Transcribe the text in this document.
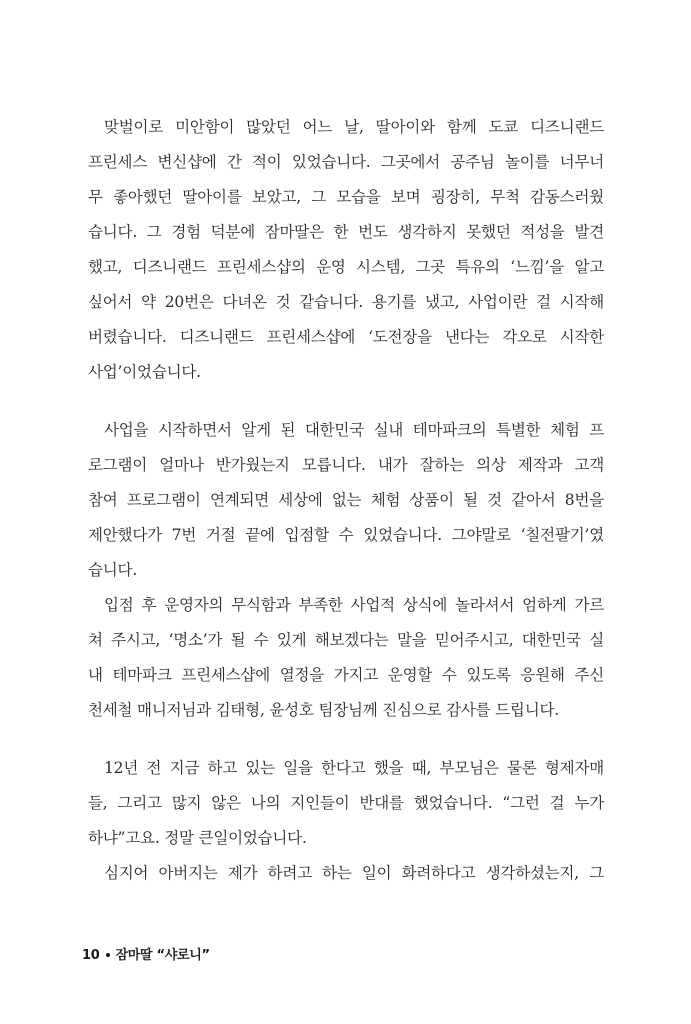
맞벌이로 미안함이 많았던 어느 날, 딸아이와 함께 도쿄 디즈니랜드
프린세스 변신샵에 간 적이 있었습니다. 그곳에서 공주님 놀이를 너무너
무 좋아했던 딸아이를 보았고, 그 모습을 보며 굉장히, 무척 감동스러웠
습니다. 그 경험 덕분에 잠마딸은 한 번도 생각하지 못했던 적성을 발견
했고, 디즈니랜드 프린세스샵의 운영 시스템, 그곳 특유의 ‘느낌’을 알고
싶어서 약 20번은 다녀온 것 같습니다. 용기를 냈고, 사업이란 걸 시작해
버렸습니다. 디즈니랜드 프린세스샵에 ‘도전장을 낸다는 각오로 시작한
사업’이었습니다.
사업을 시작하면서 알게 된 대한민국 실내 테마파크의 특별한 체험 프
로그램이 얼마나 반가웠는지 모릅니다. 내가 잘하는 의상 제작과 고객
참여 프로그램이 연계되면 세상에 없는 체험 상품이 될 것 같아서 8번을
제안했다가 7번 거절 끝에 입점할 수 있었습니다. 그야말로 ‘칠전팔기’였
습니다.
입점 후 운영자의 무식함과 부족한 사업적 상식에 놀라셔서 엄하게 가르
쳐 주시고, ‘명소’가 될 수 있게 해보겠다는 말을 믿어주시고, 대한민국 실
내 테마파크 프린세스샵에 열정을 가지고 운영할 수 있도록 응원해 주신
천세철 매니저님과 김태형, 윤성호 팀장님께 진심으로 감사를 드립니다.
12년 전 지금 하고 있는 일을 한다고 했을 때, 부모님은 물론 형제자매
들, 그리고 많지 않은 나의 지인들이 반대를 했었습니다. “그런 걸 누가
하냐”고요. 정말 큰일이었습니다.
심지어 아버지는 제가 하려고 하는 일이 화려하다고 생각하셨는지, 그
10 잠마딸 “샤로니”
